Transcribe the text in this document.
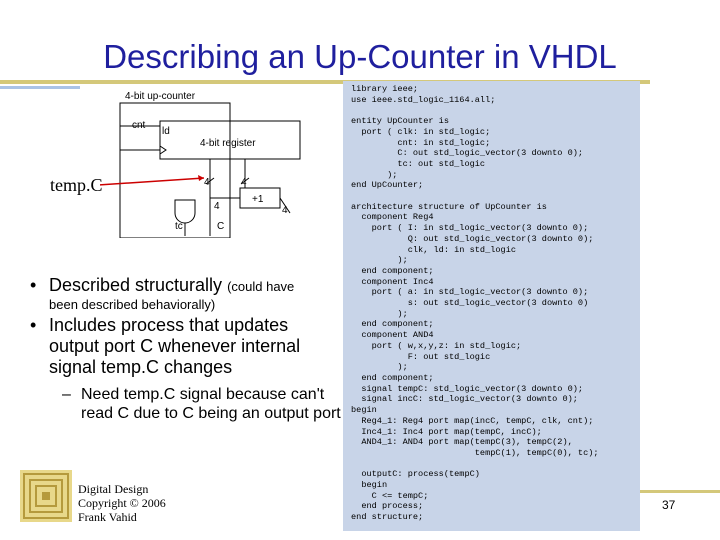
Describing an Up-Counter in VHDL
4-bit up-counter
cnt
ld
4-bit register
4	4
+1
4	4
tc	C
temp.C
library ieee;
use ieee.std_logic_1164.all;

entity UpCounter is
port ( clk: in std_logic;
cnt: in std_logic;
C: out std_logic_vector(3 downto 0);
tc: out std_logic
);
end UpCounter;

architecture structure of UpCounter is
component Reg4
port ( I: in std_logic_vector(3 downto 0);
Q: out std_logic_vector(3 downto 0);
clk, ld: in std_logic
);
end component;
component Inc4
port ( a: in std_logic_vector(3 downto 0);
s: out std_logic_vector(3 downto 0)
);
end component;
component AND4
port ( w,x,y,z: in std_logic;
F: out std_logic
);
end component;
signal tempC: std_logic_vector(3 downto 0);
signal incC: std_logic_vector(3 downto 0);
begin
Reg4_1: Reg4 port map(incC, tempC, clk, cnt);
Inc4_1: Inc4 port map(tempC, incC);
AND4_1: AND4 port map(tempC(3), tempC(2),
tempC(1), tempC(0), tc);

outputC: process(tempC)
begin
C <= tempC;
end process;
end structure;

• Described structurally (could have
been described behaviorally)
• Includes process that updates output port C whenever internal signal temp.C changes
– Need temp.C signal because can't read C due to C being an output port
Digital Design
Copyright © 2006
Frank Vahid
37
